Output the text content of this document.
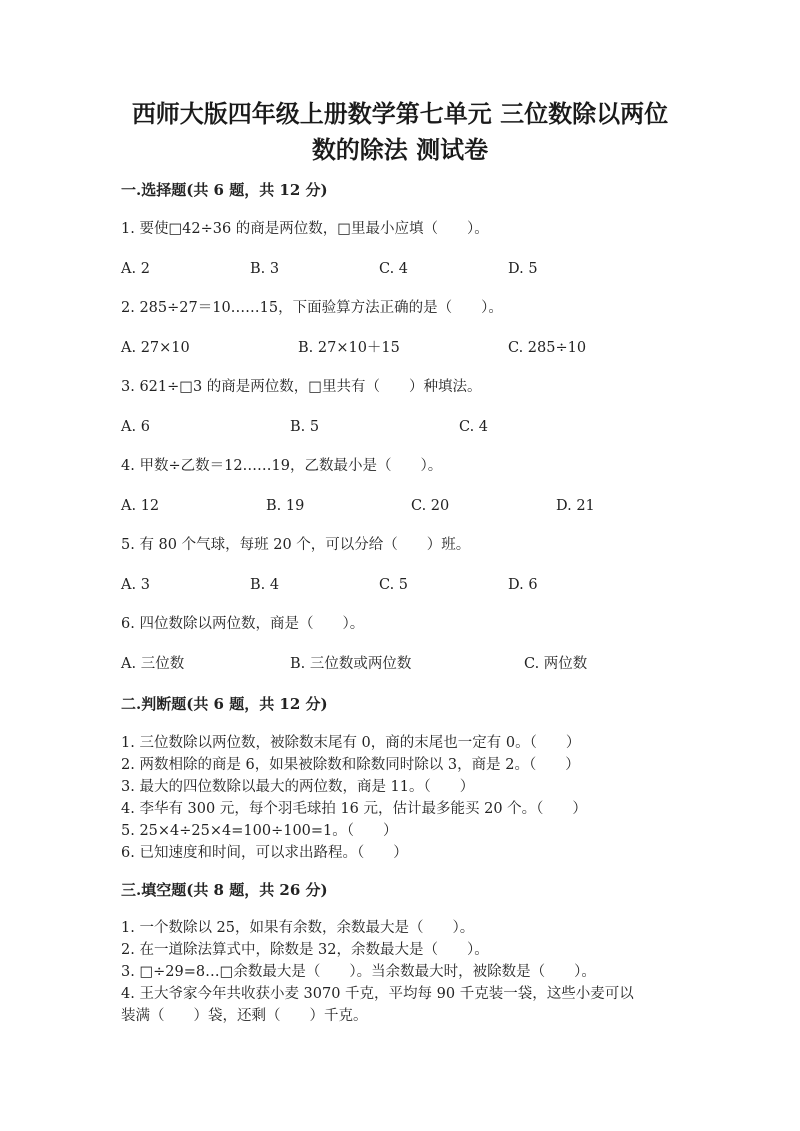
西师大版四年级上册数学第七单元 三位数除以两位
数的除法 测试卷
一.选择题(共 6 题，共 12 分)
1. 要使□42÷36 的商是两位数，□里最小应填（　　）。
A. 2	B. 3	C. 4	D. 5
2. 285÷27＝10……15，下面验算方法正确的是（　　）。
A. 27×10	B. 27×10＋15	C. 285÷10
3. 621÷□3 的商是两位数，□里共有（　　）种填法。
A. 6	B. 5	C. 4
4. 甲数÷乙数＝12……19，乙数最小是（　　）。
A. 12	B. 19	C. 20	D. 21
5. 有 80 个气球，每班 20 个，可以分给（　　）班。
A. 3	B. 4	C. 5	D. 6
6. 四位数除以两位数，商是（　　）。
A. 三位数	B. 三位数或两位数	C. 两位数
二.判断题(共 6 题，共 12 分)
1. 三位数除以两位数，被除数末尾有 0，商的末尾也一定有 0。（　　）
2. 两数相除的商是 6，如果被除数和除数同时除以 3，商是 2。（　　）
3. 最大的四位数除以最大的两位数，商是 11。（　　）
4. 李华有 300 元，每个羽毛球拍 16 元，估计最多能买 20 个。（　　）
5. 25×4÷25×4=100÷100=1。（　　）
6. 已知速度和时间，可以求出路程。（　　）
三.填空题(共 8 题，共 26 分)
1. 一个数除以 25，如果有余数，余数最大是（　　）。
2. 在一道除法算式中，除数是 32，余数最大是（　　）。
3. □÷29=8…□余数最大是（　　）。当余数最大时，被除数是（　　）。
4. 王大爷家今年共收获小麦 3070 千克，平均每 90 千克装一袋，这些小麦可以
装满（　　）袋，还剩（　　）千克。
